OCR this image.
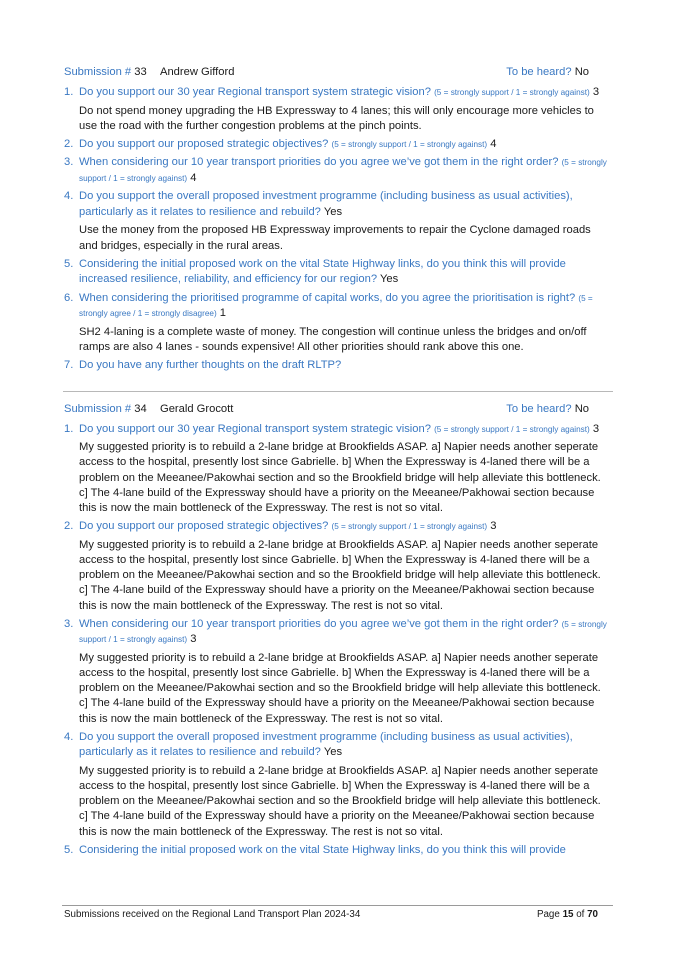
Submission # 33 Andrew Gifford	To be heard? No
1. Do you support our 30 year Regional transport system strategic vision? (5 = strongly support / 1 = strongly against) 3
Do not spend money upgrading the HB Expressway to 4 lanes; this will only encourage more vehicles to use the road with the further congestion problems at the pinch points.
2. Do you support our proposed strategic objectives? (5 = strongly support / 1 = strongly against) 4
3. When considering our 10 year transport priorities do you agree we’ve got them in the right order? (5 = strongly support / 1 = strongly against) 4
4. Do you support the overall proposed investment programme (including business as usual activities), particularly as it relates to resilience and rebuild? Yes
Use the money from the proposed HB Expressway improvements to repair the Cyclone damaged roads and bridges, especially in the rural areas.
5. Considering the initial proposed work on the vital State Highway links, do you think this will provide increased resilience, reliability, and efficiency for our region? Yes
6. When considering the prioritised programme of capital works, do you agree the prioritisation is right? (5 = strongly agree / 1 = strongly disagree) 1
SH2 4-laning is a complete waste of money. The congestion will continue unless the bridges and on/off ramps are also 4 lanes - sounds expensive! All other priorities should rank above this one.
7. Do you have any further thoughts on the draft RLTP?
Submission # 34 Gerald Grocott	To be heard? No
1. Do you support our 30 year Regional transport system strategic vision? (5 = strongly support / 1 = strongly against) 3
My suggested priority is to rebuild a 2-lane bridge at Brookfields ASAP. a] Napier needs another seperate access to the hospital, presently lost since Gabrielle. b] When the Expressway is 4-laned there will be a problem on the Meeanee/Pakowhai section and so the Brookfield bridge will help alleviate this bottleneck. c] The 4-lane build of the Expressway should have a priority on the Meeanee/Pakhowai section because this is now the main bottleneck of the Expressway. The rest is not so vital.
2. Do you support our proposed strategic objectives? (5 = strongly support / 1 = strongly against) 3
My suggested priority is to rebuild a 2-lane bridge at Brookfields ASAP. a] Napier needs another seperate access to the hospital, presently lost since Gabrielle. b] When the Expressway is 4-laned there will be a problem on the Meeanee/Pakowhai section and so the Brookfield bridge will help alleviate this bottleneck. c] The 4-lane build of the Expressway should have a priority on the Meeanee/Pakhowai section because this is now the main bottleneck of the Expressway. The rest is not so vital.
3. When considering our 10 year transport priorities do you agree we’ve got them in the right order? (5 = strongly support / 1 = strongly against) 3
My suggested priority is to rebuild a 2-lane bridge at Brookfields ASAP. a] Napier needs another seperate access to the hospital, presently lost since Gabrielle. b] When the Expressway is 4-laned there will be a problem on the Meeanee/Pakowhai section and so the Brookfield bridge will help alleviate this bottleneck. c] The 4-lane build of the Expressway should have a priority on the Meeanee/Pakhowai section because this is now the main bottleneck of the Expressway. The rest is not so vital.
4. Do you support the overall proposed investment programme (including business as usual activities), particularly as it relates to resilience and rebuild? Yes
My suggested priority is to rebuild a 2-lane bridge at Brookfields ASAP. a] Napier needs another seperate access to the hospital, presently lost since Gabrielle. b] When the Expressway is 4-laned there will be a problem on the Meeanee/Pakowhai section and so the Brookfield bridge will help alleviate this bottleneck. c] The 4-lane build of the Expressway should have a priority on the Meeanee/Pakhowai section because this is now the main bottleneck of the Expressway. The rest is not so vital.
5. Considering the initial proposed work on the vital State Highway links, do you think this will provide
Submissions received on the Regional Land Transport Plan 2024-34	Page 15 of 70
